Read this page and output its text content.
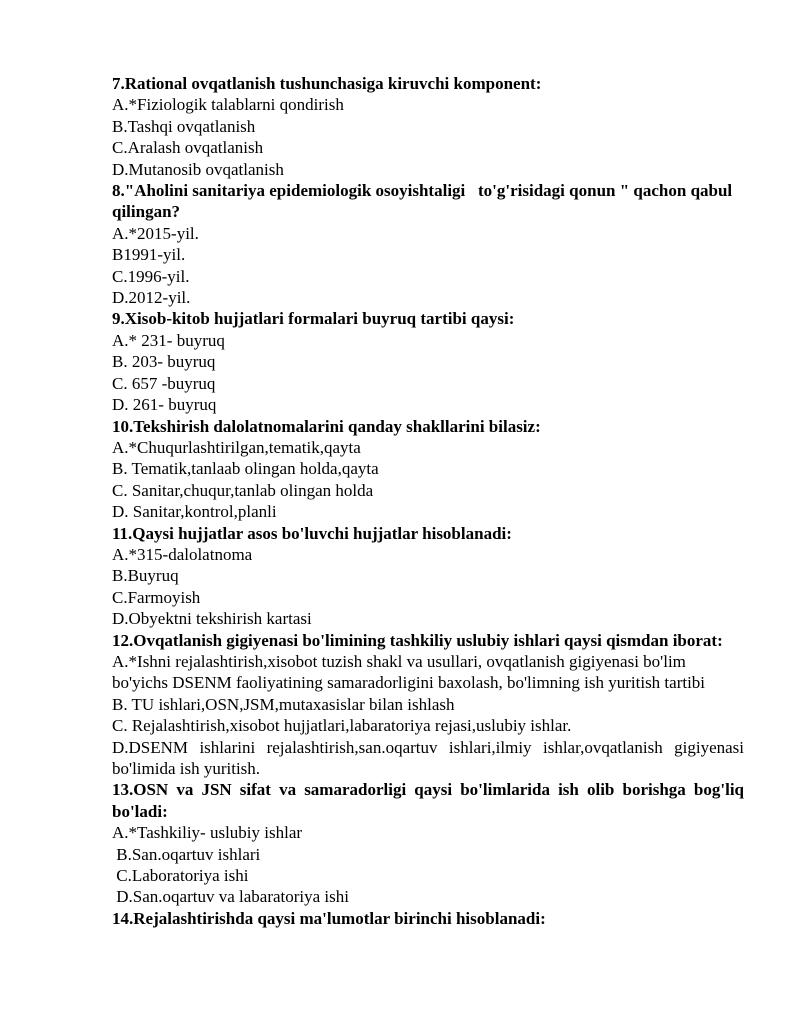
7.Rational ovqatlanish tushunchasiga kiruvchi komponent:
A.*Fiziologik talablarni qondirish
B.Tashqi ovqatlanish
C.Aralash ovqatlanish
D.Mutanosib ovqatlanish
8."Aholini sanitariya epidemiologik osoyishtaligi   to'g'risidagi qonun " qachon qabul qilingan?
A.*2015-yil.
B1991-yil.
C.1996-yil.
D.2012-yil.
9.Xisob-kitob hujjatlari formalari buyruq tartibi qaysi:
A.* 231- buyruq
B. 203- buyruq
C. 657 -buyruq
D. 261- buyruq
10.Tekshirish dalolatnomalarini qanday shakllarini bilasiz:
A.*Chuqurlashtirilgan,tematik,qayta
B. Tematik,tanlaab olingan holda,qayta
C. Sanitar,chuqur,tanlab olingan holda
D. Sanitar,kontrol,planli
11.Qaysi hujjatlar asos bo'luvchi hujjatlar hisoblanadi:
A.*315-dalolatnoma
B.Buyruq
C.Farmoyish
D.Obyektni tekshirish kartasi
12.Ovqatlanish gigiyenasi bo'limining tashkiliy uslubiy ishlari qaysi qismdan iborat:
A.*Ishni rejalashtirish,xisobot tuzish shakl va usullari, ovqatlanish gigiyenasi bo'lim bo'yichs DSENM faoliyatining samaradorligini baxolash, bo'limning ish yuritish tartibi
B. TU ishlari,OSN,JSM,mutaxasislar bilan ishlash
C. Rejalashtirish,xisobot hujjatlari,labaratoriya rejasi,uslubiy ishlar.
D.DSENM ishlarini rejalashtirish,san.oqartuv ishlari,ilmiy ishlar,ovqatlanish gigiyenasi bo'limida ish yuritish.
13.OSN va JSN sifat va samaradorligi qaysi bo'limlarida ish olib borishga bog'liq bo'ladi:
A.*Tashkiliy- uslubiy ishlar
B.San.oqartuv ishlari
C.Laboratoriya ishi
D.San.oqartuv va labaratoriya ishi
14.Rejalashtirishda qaysi ma'lumotlar birinchi hisoblanadi:
